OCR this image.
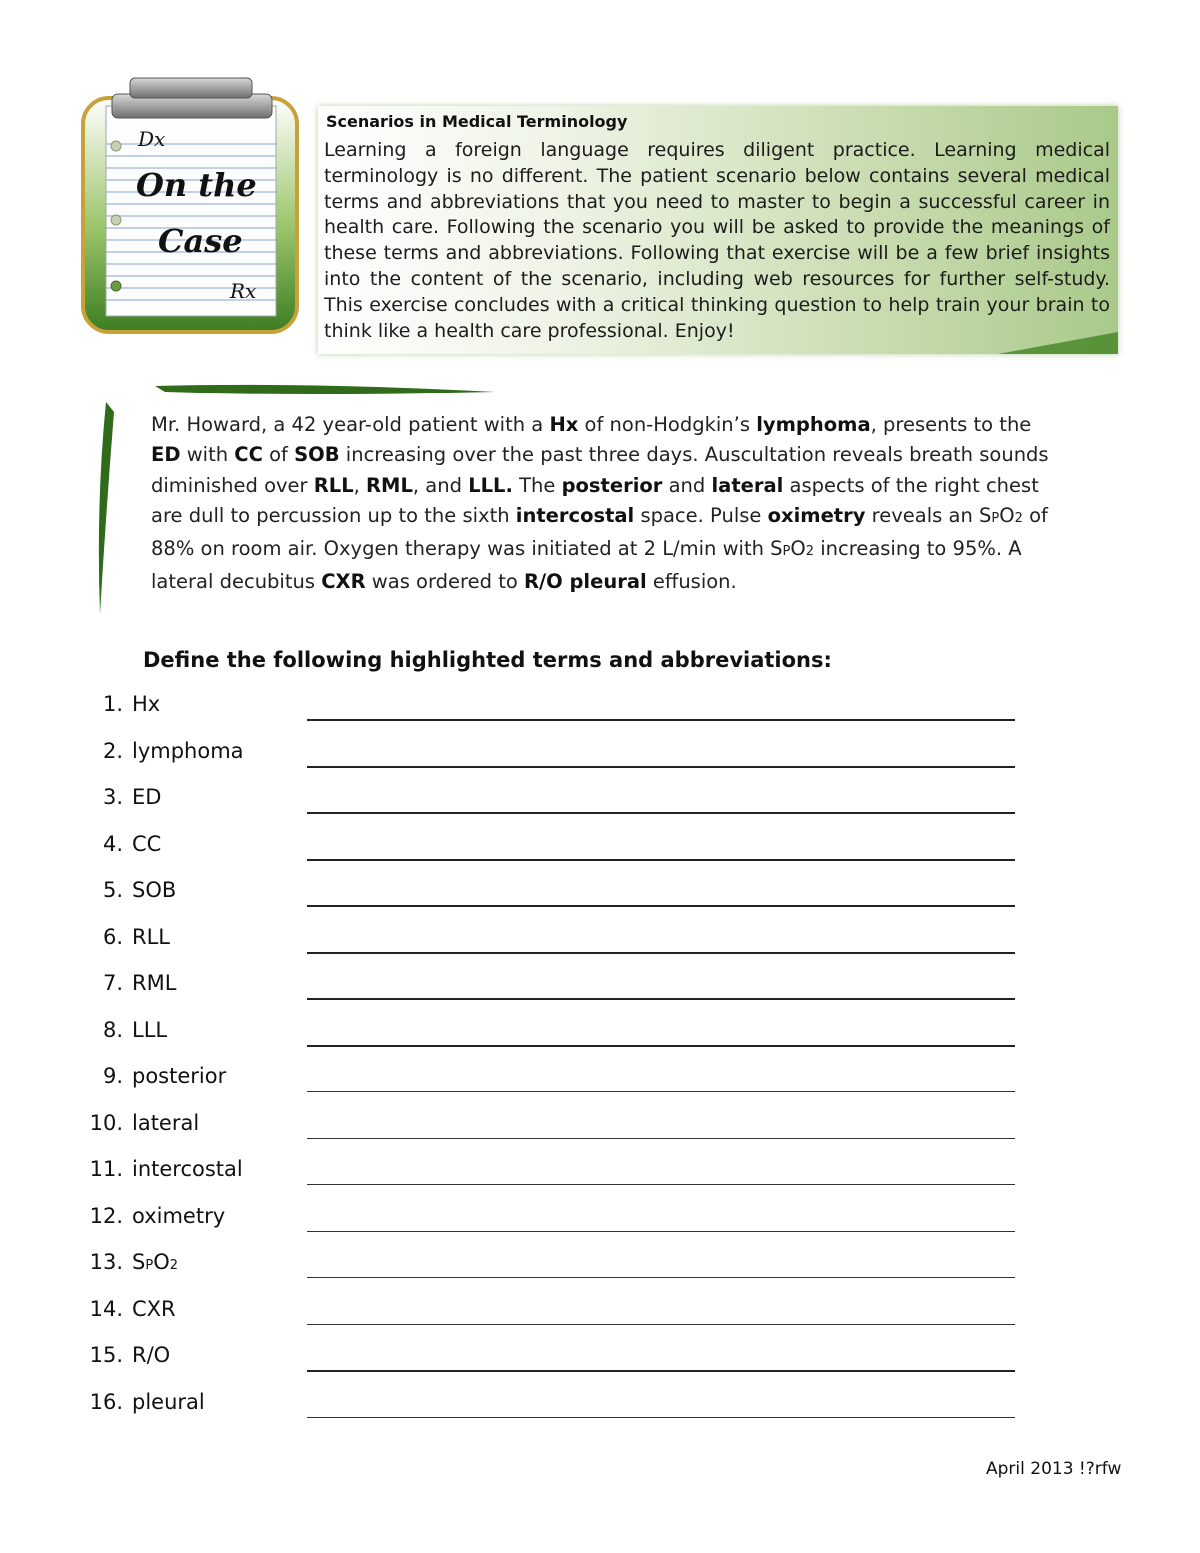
Dx
On the
Case
Rx
Scenarios in Medical Terminology

Learning a foreign language requires diligent practice. Learning medical terminology is no different. The patient scenario below contains several medical terms and abbreviations that you need to master to begin a successful career in health care. Following the scenario you will be asked to provide the meanings of these terms and abbreviations. Following that exercise will be a few brief insights into the content of the scenario, including web resources for further self-study. This exercise concludes with a critical thinking question to help train your brain to think like a health care professional. Enjoy!

Mr. Howard, a 42 year-old patient with a Hx of non-Hodgkin’s lymphoma, presents to the ED with CC of SOB increasing over the past three days. Auscultation reveals breath sounds diminished over RLL, RML, and LLL. The posterior and lateral aspects of the right chest are dull to percussion up to the sixth intercostal space. Pulse oximetry reveals an SPO2 of 88% on room air. Oxygen therapy was initiated at 2 L/min with SPO2 increasing to 95%. A lateral decubitus CXR was ordered to R/O pleural effusion.

Define the following highlighted terms and abbreviations:
1. Hx
2. lymphoma
3. ED
4. CC
5. SOB
6. RLL
7. RML
8. LLL
9. posterior
10. lateral
11. intercostal
12. oximetry
13. SPO2
14. CXR
15. R/O
16. pleural
April 2013 !?rfw
